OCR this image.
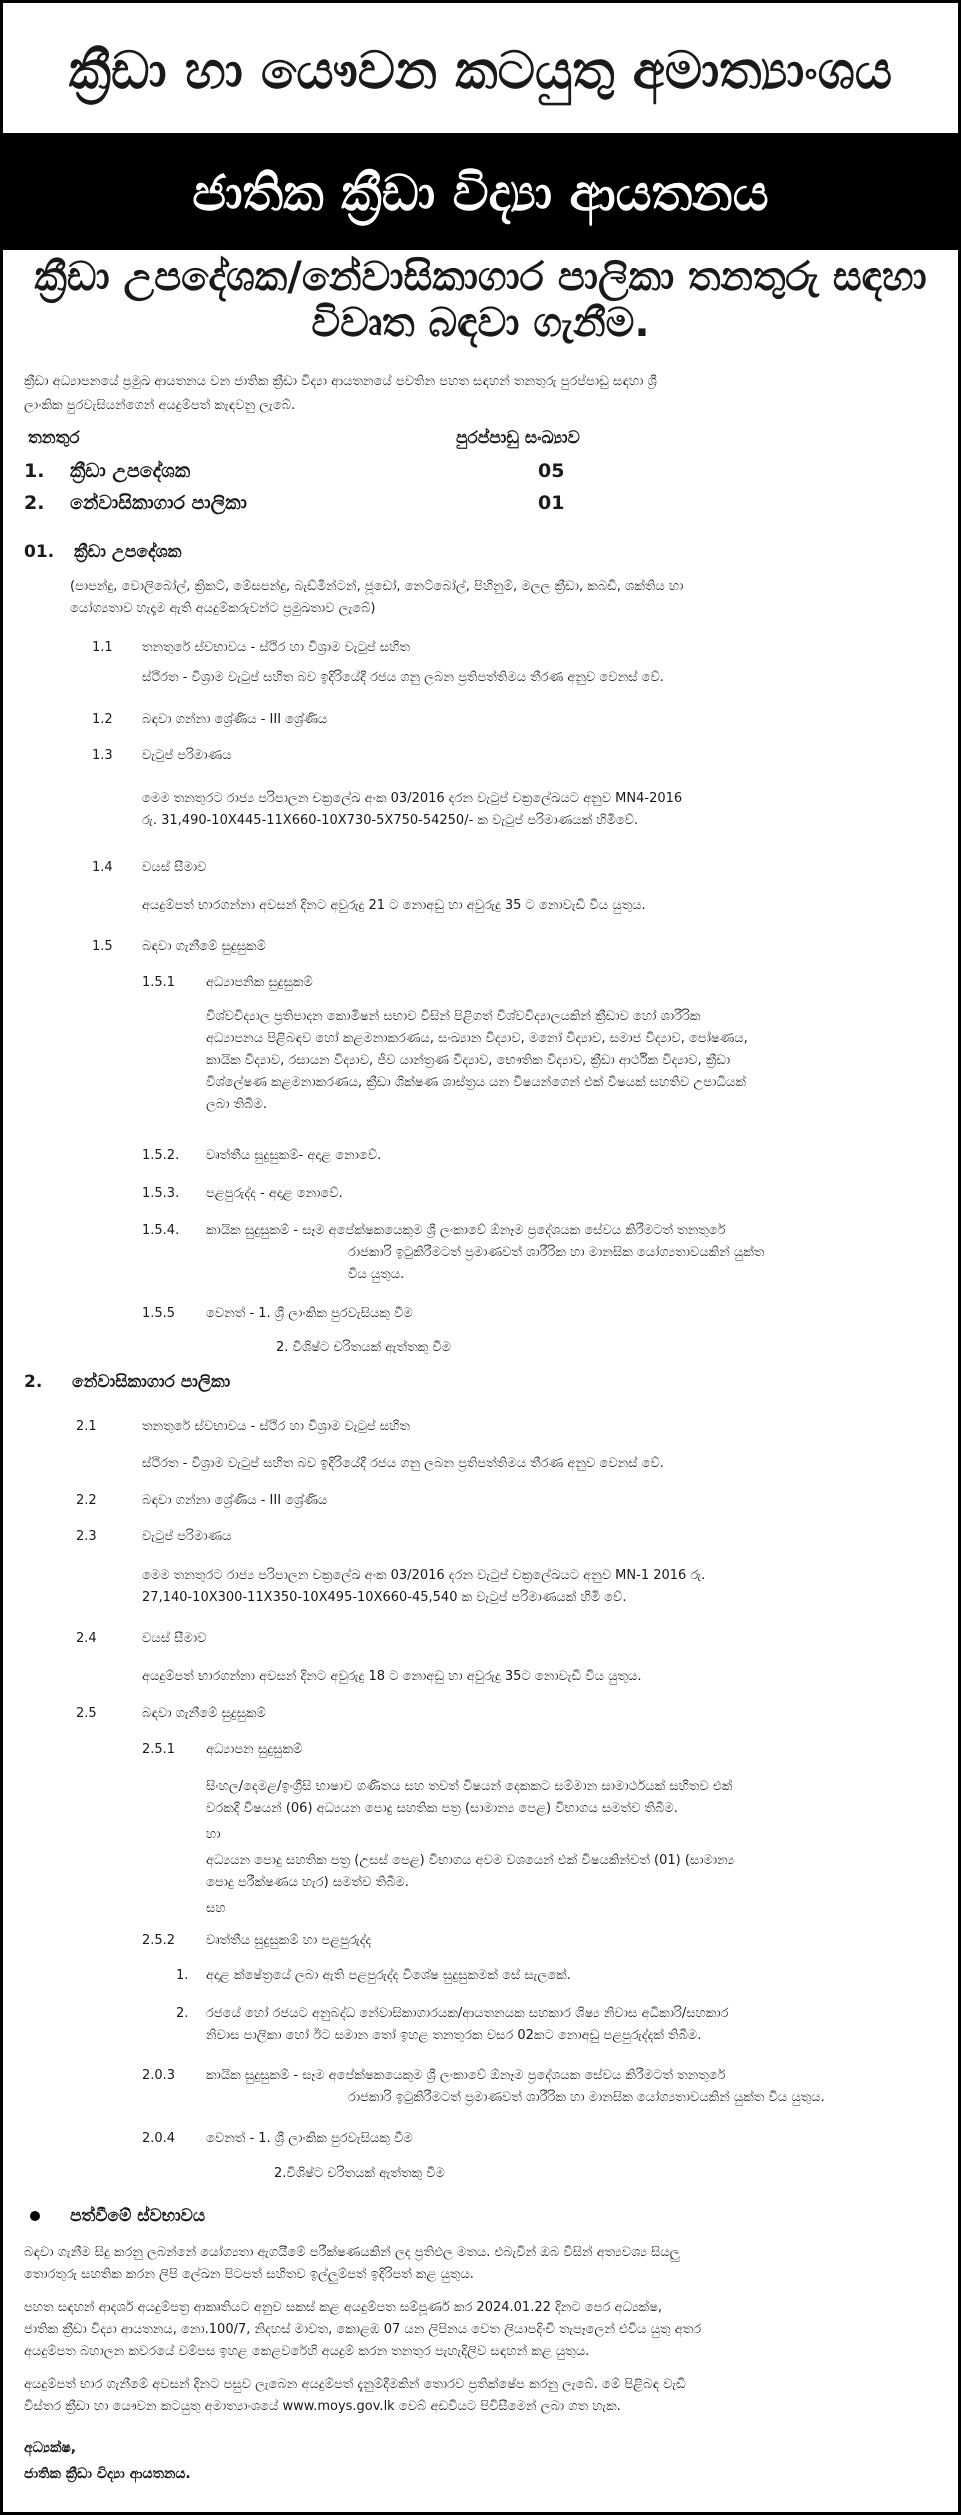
ක්‍රීඩා හා යෞවන කටයුතු අමාත්‍යාංශය
ජාතික ක්‍රීඩා විද්‍යා ආයතනය
ක්‍රීඩා උපදේශක/නේවාසිකාගාර පාලිකා තනතුරු සඳහා
විවෘත බඳවා ගැනීම.
ක්‍රීඩා අධ්‍යාපනයේ ප්‍රමුඛ ආයතනය වන ජාතික ක්‍රීඩා විද්‍යා ආයතනයේ පවතින පහත සඳහන් තනතුරු පුරප්පාඩු සඳහා ශ්‍රී
ලාංකික පුරවැසියන්ගෙන් අයදුම්පත් කැඳවනු ලැබේ.
තනතුර	පුරප්පාඩු සංඛ්‍යාව
1. ක්‍රීඩා උපදේශක	05
2. නේවාසිකාගාර පාලිකා	01
01. ක්‍රීඩා උපදේශක
(පාපන්දු, වොලිබෝල්, ක්‍රිකට්, මේසපන්දු, බැඩ්මින්ටන්, ජූඩෝ, නෙට්බෝල්, පිහිනුම්, මලල ක්‍රීඩා, කබඩි, ශක්තිය හා
යෝග්‍යතාව හැදෑම ඇති අයදුම්කරුවන්ට ප්‍රමුඛතාව ලැබේ)
1.1 තනතුරේ ස්වභාවය - ස්ථිර හා විශ්‍රාම වැටුප් සහිත
ස්ථිරත - විශ්‍රාම වැටුප් සහිත බව ඉදිරියේදී රජය ගනු ලබන ප්‍රතිපත්තිමය තීරණ අනුව වෙනස් වේ.
1.2 බඳවා ගන්නා ශ්‍රේණිය - III ශ්‍රේණිය
1.3 වැටුප් පරිමාණය
මෙම තනතුරට රාජ්‍ය පරිපාලන චක්‍රලේඛ අංක 03/2016 දරන වැටුප් චක්‍රලේඛයට අනුව MN4-2016
රු. 31,490-10X445-11X660-10X730-5X750-54250/- ක වැටුප් පරිමාණයක් හිමිවේ.
1.4 වයස් සීමාව
අයදුම්පත් භාරගන්නා අවසන් දිනට අවුරුදු 21 ට නොඅඩු හා අවුරුදු 35 ට නොවැඩි විය යුතුය.
1.5 බඳවා ගැනීමේ සුදුසුකම්
1.5.1 අධ්‍යාපනික සුදුසුකම්
විශ්වවිද්‍යාල ප්‍රතිපාදන කොමිෂන් සභාව විසින් පිළිගත් විශ්වවිද්‍යාලයකින් ක්‍රීඩාව හෝ ශාරීරික
අධ්‍යාපනය පිළිබඳව හෝ කළමනාකරණය, සංඛ්‍යාන විද්‍යාව, මනෝ විද්‍යාව, සමාජ විද්‍යාව, පෝෂණය,
කායික විද්‍යාව, රසායන විද්‍යාව, ජීව යාන්ත්‍රණ විද්‍යාව, භෞතික විද්‍යාව, ක්‍රීඩා ආර්ථික විද්‍යාව, ක්‍රීඩා
විශ්ලේෂණ කළමනාකරණය, ක්‍රීඩා ශික්ෂණ ශාස්ත්‍රය යන විෂයන්ගෙන් එක් විෂයක් සහතිව උපාධියක්
ලබා තිබීම.
1.5.2. වෘත්තීය සුදුසුකම්- අදාළ නොවේ.
1.5.3. පළපුරුද්ද - අදාළ නොවේ.
1.5.4. කායික සුදුසුකම් - සෑම අපේක්ෂකයෙකුම ශ්‍රී ලංකාවේ ඕනෑම ප්‍රදේශයක සේවය කිරීමටත් තනතුරේ
රාජකාරි ඉටුකිරීමටත් ප්‍රමාණවත් ශාරීරික හා මානසික යෝග්‍යතාවයකින් යුක්ත
විය යුතුය.
1.5.5 වෙනත් - 1. ශ්‍රී ලාංකික පුරවැසියකු වීම
2. විශිෂ්ට චරිතයක් ඇත්තකු වීම
2. නේවාසිකාගාර පාලිකා
2.1	තනතුරේ ස්වභාවය - ස්ථිර හා විශ්‍රාම වැටුප් සහිත
ස්ථිරත - විශ්‍රාම වැටුප් සහිත බව ඉදිරියේදී රජය ගනු ලබන ප්‍රතිපත්තිමය තීරණ අනුව වෙනස් වේ.
2.2	බඳවා ගන්නා ශ්‍රේණිය - III ශ්‍රේණිය
2.3	වැටුප් පරිමාණය
මෙම තනතුරට රාජ්‍ය පරිපාලන චක්‍රලේඛ අංක 03/2016 දරන වැටුප් චක්‍රලේඛයට අනුව MN-1 2016 රු.
27,140-10X300-11X350-10X495-10X660-45,540 ක වැටුප් පරිමාණයක් හිමි වේ.
2.4	වයස් සීමාව
අයදුම්පත් භාරගන්නා අවසන් දිනට අවුරුදු 18 ට නොඅඩු හා අවුරුදු 35ට නොවැඩි විය යුතුය.
2.5	බඳවා ගැනීමේ සුදුසුකම්
2.5.1 අධ්‍යාපන සුදුසුකම්
සිංහල/දෙමළ/ඉංග්‍රීසි භාෂාව ගණිතය සහ තවත් විෂයන් දෙකකට සම්මාන සාමාර්ථයක් සහිතව එක්
වරකදී විෂයන් (06) අධ්‍යයන පොදු සහතික පත්‍ර (සාමාන්‍ය පෙළ) විභාගය සමත්ව තිබීම.
හා
අධ්‍යයන පොදු සහතික පත්‍ර (උසස් පෙළ) විභාගය අවම වශයෙන් එක් විෂයකින්වත් (01) (සාමාන්‍ය
පොදු පරීක්ෂණය හැර) සමත්ව තිබීම.
සහ
2.5.2 වෘත්තීය සුදුසුකම් හා පළපුරුද්ද
1. අදාළ ක්ෂේත්‍රයේ ලබා ඇති පළපුරුද්ද විශේෂ සුදුසුකමක් සේ සැලකේ.
2. රජයේ හෝ රජයට අනුබද්ධ නේවාසිකාගාරයක/ආයතනයක සහකාර ශිෂ්‍ය නිවාස අධිකාරි/සහකාර
නිවාස පාලිකා හෝ ඊට සමාන තෝ ඉහළ තනතුරක වසර 02කට නොඅඩු පළපුරුද්දක් තිබීම.
2.0.3 කායික සුදුසුකම් - සෑම අපේක්ෂකයෙකුම ශ්‍රී ලංකාවේ ඕනෑම ප්‍රදේශයක සේවය කිරීමටත් තනතුරේ
රාජකාරි ඉටුකිරීමටත් ප්‍රමාණවත් ශාරීරික හා මානසික යෝග්‍යතාවයකින් යුක්ත විය යුතුය.
2.0.4 වෙනත් - 1. ශ්‍රී ලාංකික පුරවැසියකු වීම
2.විශිෂ්ට චරිතයක් ඇත්තකු වීම
පත්වීමේ ස්වභාවය
බඳවා ගැනීම සිදු කරනු ලබන්නේ යෝග්‍යතා ඇගයීමේ පරීක්ෂණයකින් ලද ප්‍රතිඵල මතය. එබැවින් ඔබ විසින් අත්‍යවශ්‍ය සියලු
තොරතුරු සහතික කරන ලිපි ලේඛන පිටපත් සහිතව ඉල්ලුම්පත් ඉදිරිපත් කළ යුතුය.
පහත සඳහන් ආදර්ශ අයදුම්පත්‍ර ආකෘතියට අනුව සකස් කළ අයදුම්පත සම්පූර්ණ කර 2024.01.22 දිනට පෙර අධ්‍යක්ෂ,
ජාතික ක්‍රීඩා විද්‍යා ආයතනය, නො.100/7, නිදහස් මාවත, කොළඹ 07 යන ලිපිනය වෙත ලියාපදිංචි තැපෑලෙන් එවිය යුතු අතර
අයදුම්පත බහාලන කවරයේ වම්පස ඉහළ කෙළවරේහි අයදුම් කරන තනතුර පැහැදිලිව සඳහන් කළ යුතුය.
අයදුම්පත් භාර ගැනීමේ අවසන් දිනට පසුව ලැබෙන අයදුම්පත් දැනුම්දීමකින් තොරව ප්‍රතික්ෂේප කරනු ලැබේ. මේ පිළිබඳ වැඩි
විස්තර ක්‍රීඩා හා යෞවන කටයුතු අමාත්‍යාංශයේ www.moys.gov.lk වෙබ් අඩවියට පිවිසීමෙන් ලබා ගත හැක.
අධ්‍යක්ෂ,
ජාතික ක්‍රීඩා විද්‍යා ආයතනය.
